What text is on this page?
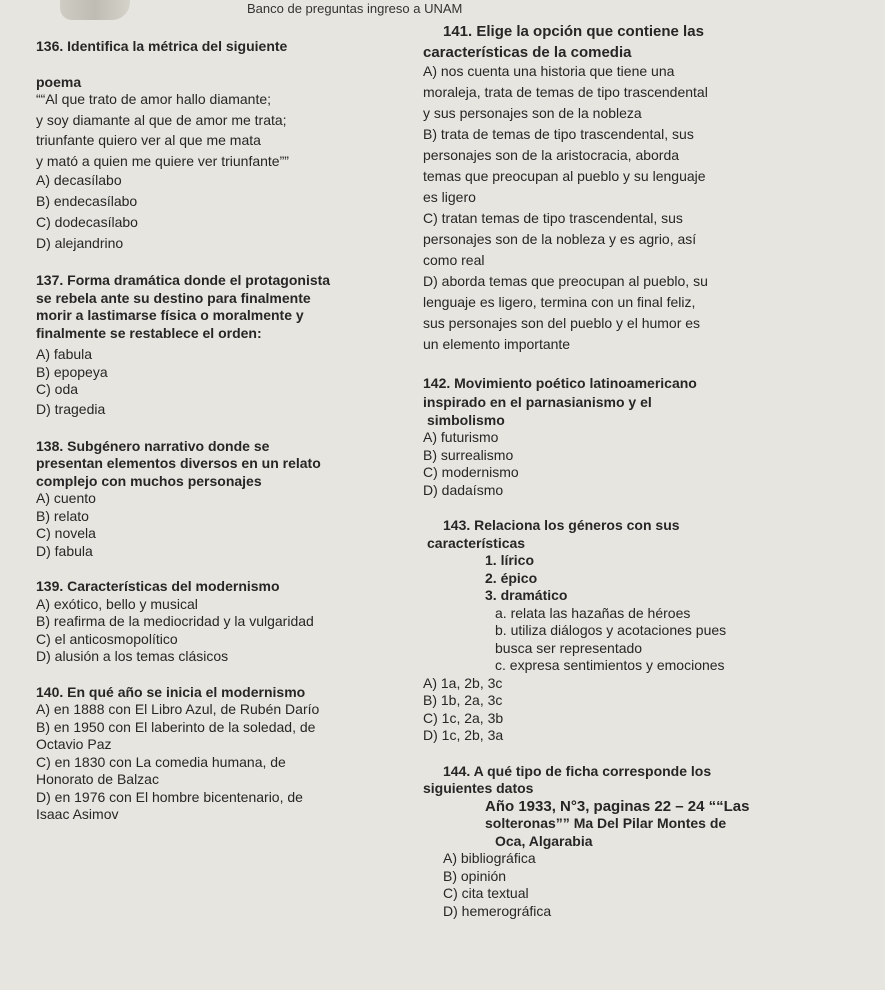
Banco de preguntas ingreso a UNAM
136. Identifica la métrica del siguiente
poema
““Al que trato de amor hallo diamante;
y soy diamante al que de amor me trata;
triunfante quiero ver al que me mata
y mató a quien me quiere ver triunfante””
A) decasílabo
B) endecasílabo
C) dodecasílabo
D) alejandrino
137. Forma dramática donde el protagonista
se rebela ante su destino para finalmente
morir a lastimarse física o moralmente y
finalmente se restablece el orden:
A) fabula
B) epopeya
C) oda
D) tragedia
138. Subgénero narrativo donde se
presentan elementos diversos en un relato
complejo con muchos personajes
A) cuento
B) relato
C) novela
D) fabula
139. Características del modernismo
A) exótico, bello y musical
B) reafirma de la mediocridad y la vulgaridad
C) el anticosmopolítico
D) alusión a los temas clásicos
140. En qué año se inicia el modernismo
A) en 1888 con El Libro Azul, de Rubén Darío
B) en 1950 con El laberinto de la soledad, de
Octavio Paz
C) en 1830 con La comedia humana, de
Honorato de Balzac
D) en 1976 con El hombre bicentenario, de
Isaac Asimov
141. Elige la opción que contiene las
características de la comedia
A) nos cuenta una historia que tiene una
moraleja, trata de temas de tipo trascendental
y sus personajes son de la nobleza
B) trata de temas de tipo trascendental, sus
personajes son de la aristocracia, aborda
temas que preocupan al pueblo y su lenguaje
es ligero
C) tratan temas de tipo trascendental, sus
personajes son de la nobleza y es agrio, así
como real
D) aborda temas que preocupan al pueblo, su
lenguaje es ligero, termina con un final feliz,
sus personajes son del pueblo y el humor es
un elemento importante
142. Movimiento poético latinoamericano
inspirado en el parnasianismo y el
simbolismo
A) futurismo
B) surrealismo
C) modernismo
D) dadaísmo
143. Relaciona los géneros con sus
características
1. lírico
2. épico
3. dramático
a. relata las hazañas de héroes
b. utiliza diálogos y acotaciones pues
busca ser representado
c. expresa sentimientos y emociones
A) 1a, 2b, 3c
B) 1b, 2a, 3c
C) 1c, 2a, 3b
D) 1c, 2b, 3a
144. A qué tipo de ficha corresponde los
siguientes datos
Año 1933, N°3, paginas 22 – 24 ““Las
solteronas”” Ma Del Pilar Montes de
Oca, Algarabia
A) bibliográfica
B) opinión
C) cita textual
D) hemerográfica
